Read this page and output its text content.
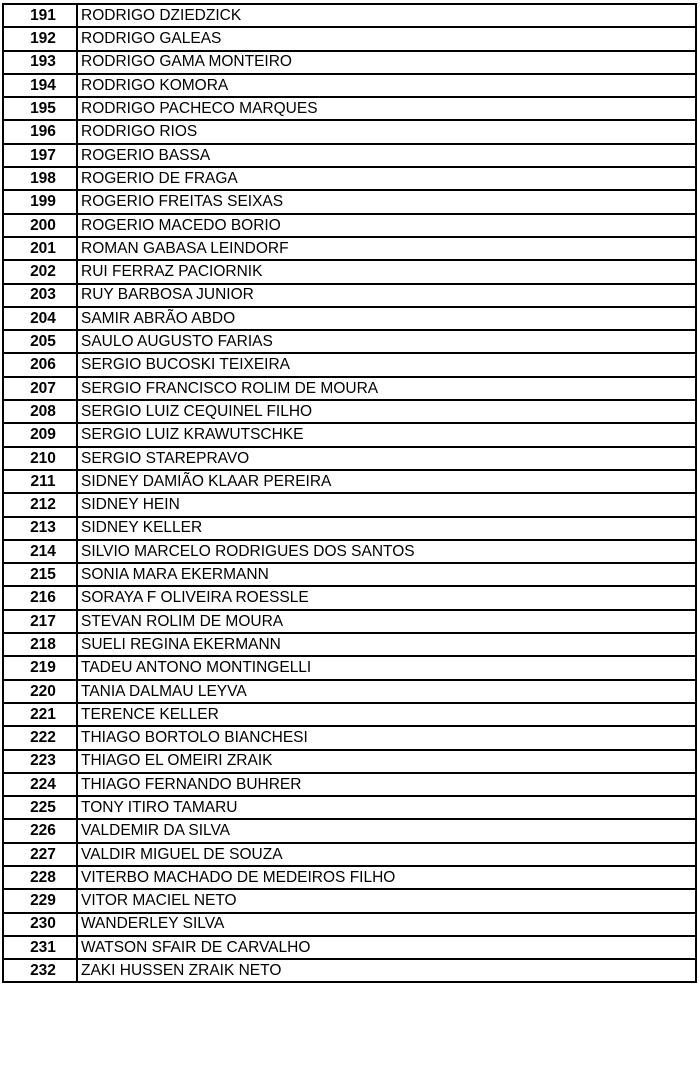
191	RODRIGO DZIEDZICK
192	RODRIGO GALEAS
193	RODRIGO GAMA MONTEIRO
194	RODRIGO KOMORA
195	RODRIGO PACHECO MARQUES
196	RODRIGO RIOS
197	ROGERIO BASSA
198	ROGERIO DE FRAGA
199	ROGERIO FREITAS SEIXAS
200	ROGERIO MACEDO BORIO
201	ROMAN GABASA LEINDORF
202	RUI FERRAZ PACIORNIK
203	RUY BARBOSA JUNIOR
204	SAMIR ABRÃO ABDO
205	SAULO AUGUSTO FARIAS
206	SERGIO BUCOSKI TEIXEIRA
207	SERGIO FRANCISCO ROLIM DE MOURA
208	SERGIO LUIZ CEQUINEL FILHO
209	SERGIO LUIZ KRAWUTSCHKE
210	SERGIO STAREPRAVO
211	SIDNEY DAMIÃO KLAAR PEREIRA
212	SIDNEY HEIN
213	SIDNEY KELLER
214	SILVIO MARCELO RODRIGUES DOS SANTOS
215	SONIA MARA EKERMANN
216	SORAYA F OLIVEIRA ROESSLE
217	STEVAN ROLIM DE MOURA
218	SUELI REGINA EKERMANN
219	TADEU ANTONO MONTINGELLI
220	TANIA DALMAU LEYVA
221	TERENCE KELLER
222	THIAGO BORTOLO BIANCHESI
223	THIAGO EL OMEIRI ZRAIK
224	THIAGO FERNANDO BUHRER
225	TONY ITIRO TAMARU
226	VALDEMIR DA SILVA
227	VALDIR MIGUEL DE SOUZA
228	VITERBO MACHADO DE MEDEIROS FILHO
229	VITOR MACIEL NETO
230	WANDERLEY SILVA
231	WATSON SFAIR DE CARVALHO
232	ZAKI HUSSEN ZRAIK NETO
